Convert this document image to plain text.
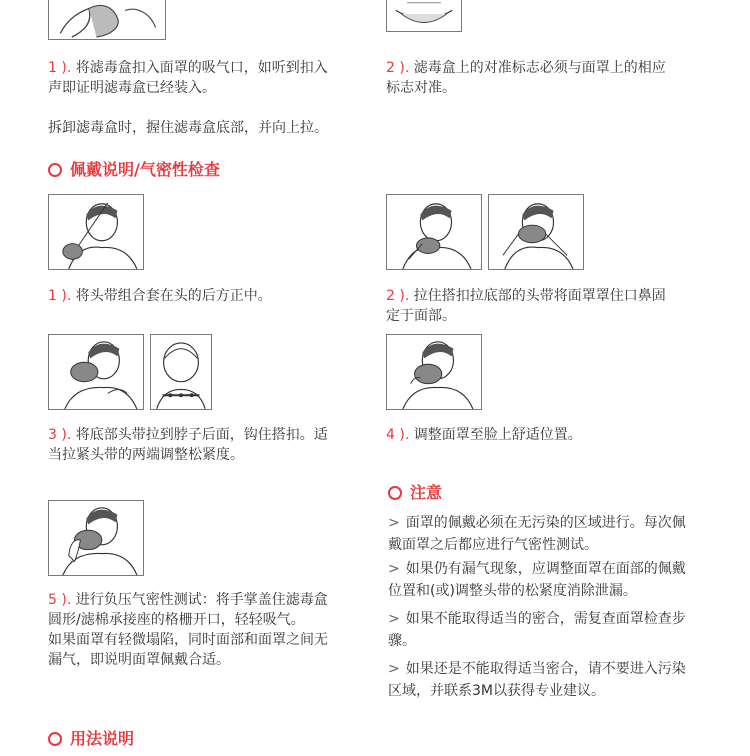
1 ). 将滤毒盒扣入面罩的吸气口，如听到扣入
声即证明滤毒盒已经装入。
2 ). 滤毒盒上的对准标志必须与面罩上的相应
标志对准。
拆卸滤毒盒时，握住滤毒盒底部，并向上拉。
佩戴说明/气密性检查
1 ). 将头带组合套在头的后方正中。	2 ). 拉住搭扣拉底部的头带将面罩罩住口鼻固
定于面部。
3 ). 将底部头带拉到脖子后面，钩住搭扣。适
当拉紧头带的两端调整松紧度。
4 ). 调整面罩至脸上舒适位置。
注意
> 面罩的佩戴必须在无污染的区域进行。每次佩
戴面罩之后都应进行气密性测试。
> 如果仍有漏气现象，应调整面罩在面部的佩戴
位置和(或)调整头带的松紧度消除泄漏。
> 如果不能取得适当的密合，需复查面罩检查步
骤。
> 如果还是不能取得适当密合，请不要进入污染
区域，并联系3M以获得专业建议。
5 ). 进行负压气密性测试：将手掌盖住滤毒盒
圆形/滤棉承接座的格栅开口，轻轻吸气。
如果面罩有轻微塌陷，同时面部和面罩之间无
漏气，即说明面罩佩戴合适。
用法说明
